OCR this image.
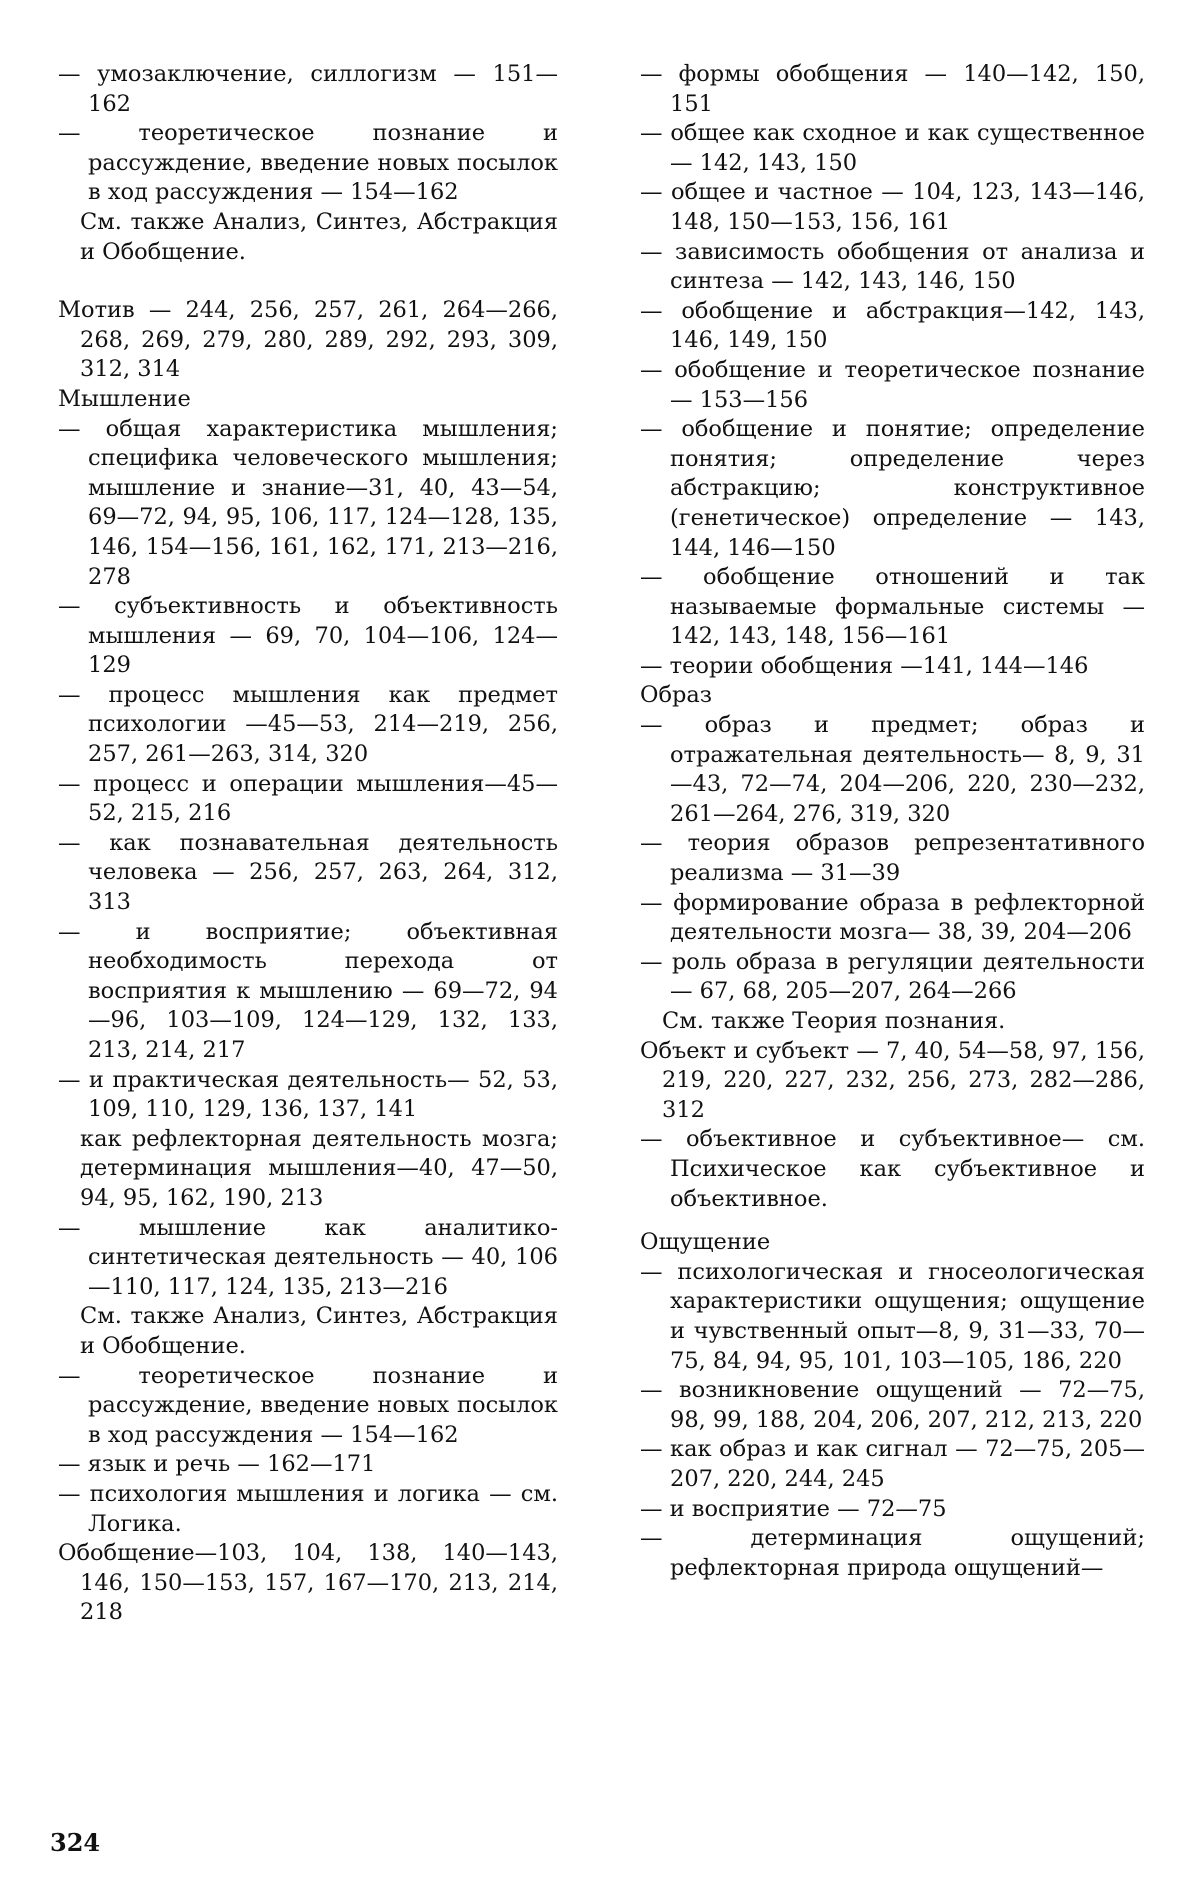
— умозаключение, силлогизм — 151—162

— теоретическое познание и рассуждение, введение новых посылок в ход рассуждения — 154—162

См. также Анализ, Синтез, Абстракция и Обобщение.

Мотив — 244, 256, 257, 261, 264—266, 268, 269, 279, 280, 289, 292, 293, 309, 312, 314

Мышление

— общая характеристика мышления; специфика человеческого мышления; мышление и знание—31, 40, 43—54, 69—72, 94, 95, 106, 117, 124—128, 135, 146, 154—156, 161, 162, 171, 213—216, 278

— субъективность и объективность мышления — 69, 70, 104—106, 124—129

— процесс мышления как предмет психологии —45—53, 214—219, 256, 257, 261—263, 314, 320

— процесс и операции мышления—45—52, 215, 216

— как познавательная деятельность человека — 256, 257, 263, 264, 312, 313

— и восприятие; объективная необходимость перехода от восприятия к мышлению — 69—72, 94—96, 103—109, 124—129, 132, 133, 213, 214, 217

— и практическая деятельность— 52, 53, 109, 110, 129, 136, 137, 141

как рефлекторная деятельность мозга; детерминация мышления—40, 47—50, 94, 95, 162, 190, 213

— мышление как аналитико-синтетическая деятельность — 40, 106—110, 117, 124, 135, 213—216

См. также Анализ, Синтез, Абстракция и Обобщение.

— теоретическое познание и рассуждение, введение новых посылок в ход рассуждения — 154—162

— язык и речь — 162—171

— психология мышления и логика — см. Логика.

Обобщение—103, 104, 138, 140—143, 146, 150—153, 157, 167—170, 213, 214, 218

— формы обобщения — 140—142, 150, 151

— общее как сходное и как существенное — 142, 143, 150

— общее и частное — 104, 123, 143—146, 148, 150—153, 156, 161

— зависимость обобщения от анализа и синтеза — 142, 143, 146, 150

— обобщение и абстракция—142, 143, 146, 149, 150

— обобщение и теоретическое познание — 153—156

— обобщение и понятие; определение понятия; определение через абстракцию; конструктивное (генетическое) определение — 143, 144, 146—150

— обобщение отношений и так называемые формальные системы — 142, 143, 148, 156—161

— теории обобщения —141, 144—146

Образ

— образ и предмет; образ и отражательная деятельность— 8, 9, 31—43, 72—74, 204—206, 220, 230—232, 261—264, 276, 319, 320

— теория образов репрезентативного реализма — 31—39

— формирование образа в рефлекторной деятельности мозга— 38, 39, 204—206

— роль образа в регуляции деятельности — 67, 68, 205—207, 264—266

См. также Теория познания.

Объект и субъект — 7, 40, 54—58, 97, 156, 219, 220, 227, 232, 256, 273, 282—286, 312

— объективное и субъективное— см. Психическое как субъективное и объективное.

Ощущение

— психологическая и гносеологическая характеристики ощущения; ощущение и чувственный опыт—8, 9, 31—33, 70—75, 84, 94, 95, 101, 103—105, 186, 220

— возникновение ощущений — 72—75, 98, 99, 188, 204, 206, 207, 212, 213, 220

— как образ и как сигнал — 72—75, 205—207, 220, 244, 245

— и восприятие — 72—75

— детерминация ощущений; рефлекторная природа ощущений—

324
